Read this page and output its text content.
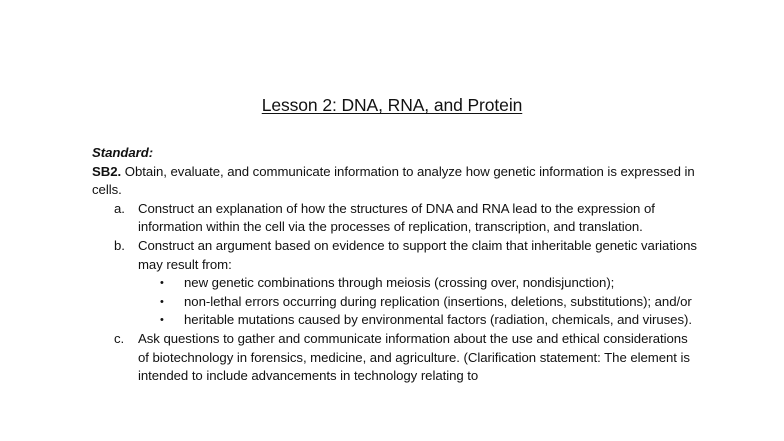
Lesson 2: DNA, RNA, and Protein

Standard:

SB2. Obtain, evaluate, and communicate information to analyze how genetic information is expressed in cells.

a. Construct an explanation of how the structures of DNA and RNA lead to the expression of information within the cell via the processes of replication, transcription, and translation.
b. Construct an argument based on evidence to support the claim that inheritable genetic variations may result from:
• new genetic combinations through meiosis (crossing over, nondisjunction);
• non-lethal errors occurring during replication (insertions, deletions, substitutions); and/or
• heritable mutations caused by environmental factors (radiation, chemicals, and viruses).
c. Ask questions to gather and communicate information about the use and ethical considerations of biotechnology in forensics, medicine, and agriculture. (Clarification statement: The element is intended to include advancements in technology relating to
